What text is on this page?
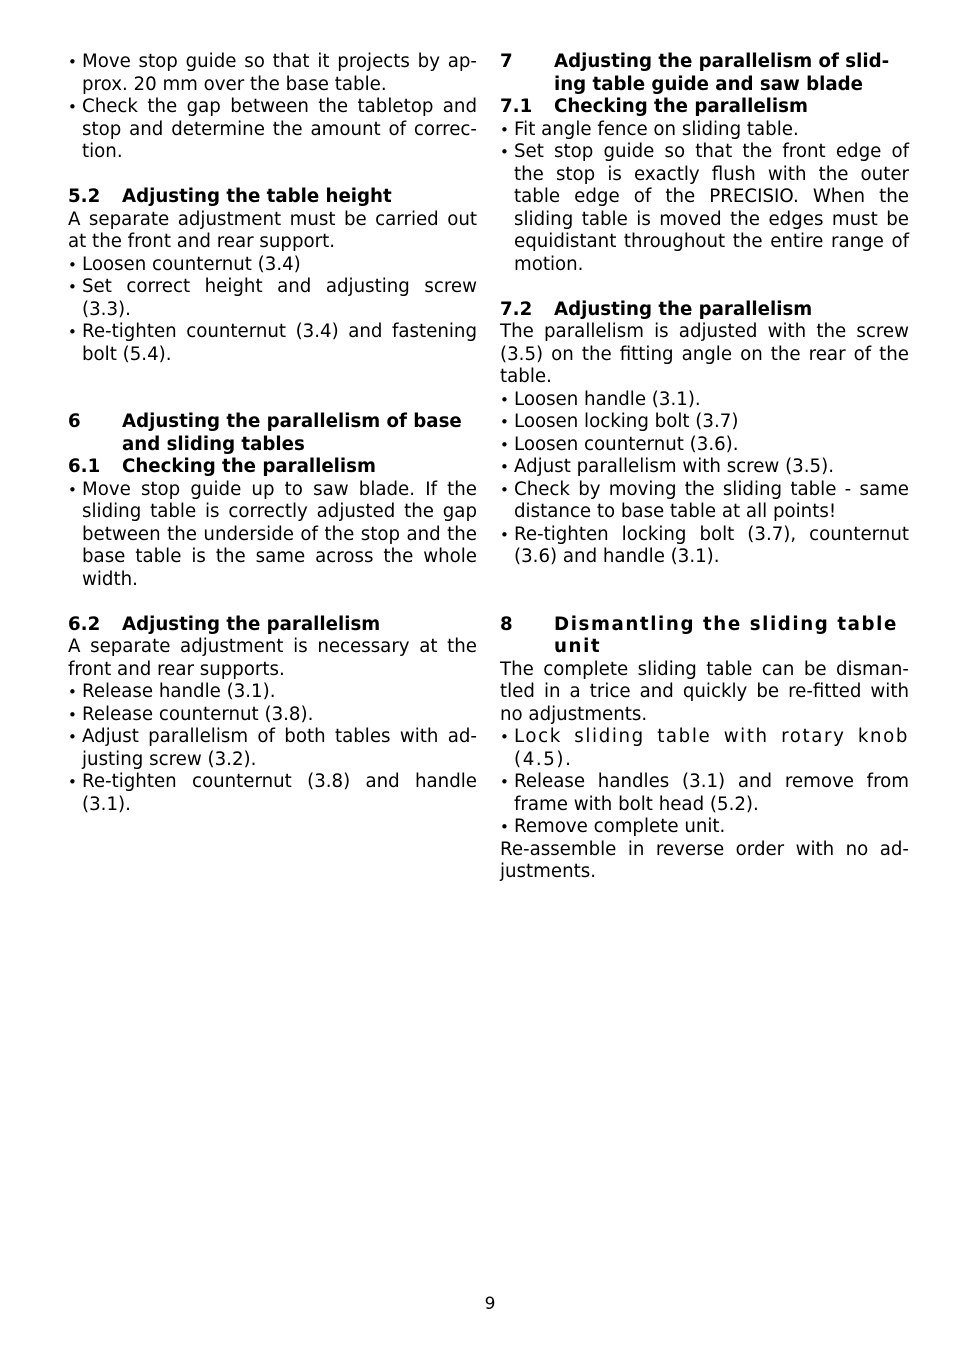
• Move stop guide so that it projects by ap-prox. 20 mm over the base table.
• Check the gap between the tabletop and stop and determine the amount of correc-tion.
5.2	Adjusting the table height

A separate adjustment must be carried out at the front and rear support.

• Loosen counternut (3.4)
• Set correct height and adjusting screw (3.3).
• Re-tighten counternut (3.4) and fastening bolt (5.4).
6	Adjusting the parallelism of base and sliding tables
6.1	Checking the parallelism
• Move stop guide up to saw blade. If the sliding table is correctly adjusted the gap between the underside of the stop and the base table is the same across the whole width.
6.2	Adjusting the parallelism

A separate adjustment is necessary at the front and rear supports.

• Release handle (3.1).
• Release counternut (3.8).
• Adjust parallelism of both tables with ad-justing screw (3.2).
• Re-tighten counternut (3.8) and handle (3.1).
7	Adjusting the parallelism of slid-ing table guide and saw blade
7.1	Checking the parallelism
• Fit angle fence on sliding table.
• Set stop guide so that the front edge of the stop is exactly flush with the outer table edge of the PRECISIO. When the sliding table is moved the edges must be equidistant throughout the entire range of motion.
7.2	Adjusting the parallelism

The parallelism is adjusted with the screw (3.5) on the fitting angle on the rear of the table.

• Loosen handle (3.1).
• Loosen locking bolt (3.7)
• Loosen counternut (3.6).
• Adjust parallelism with screw (3.5).
• Check by moving the sliding table - same distance to base table at all points!
• Re-tighten locking bolt (3.7), counternut (3.6) and handle (3.1).
8	Dismantling the sliding table unit

The complete sliding table can be disman-tled in a trice and quickly be re-fitted with no adjustments.

• Lock sliding table with rotary knob (4.5).
• Release handles (3.1) and remove from frame with bolt head (5.2).
• Remove complete unit.

Re-assemble in reverse order with no ad-justments.

9
